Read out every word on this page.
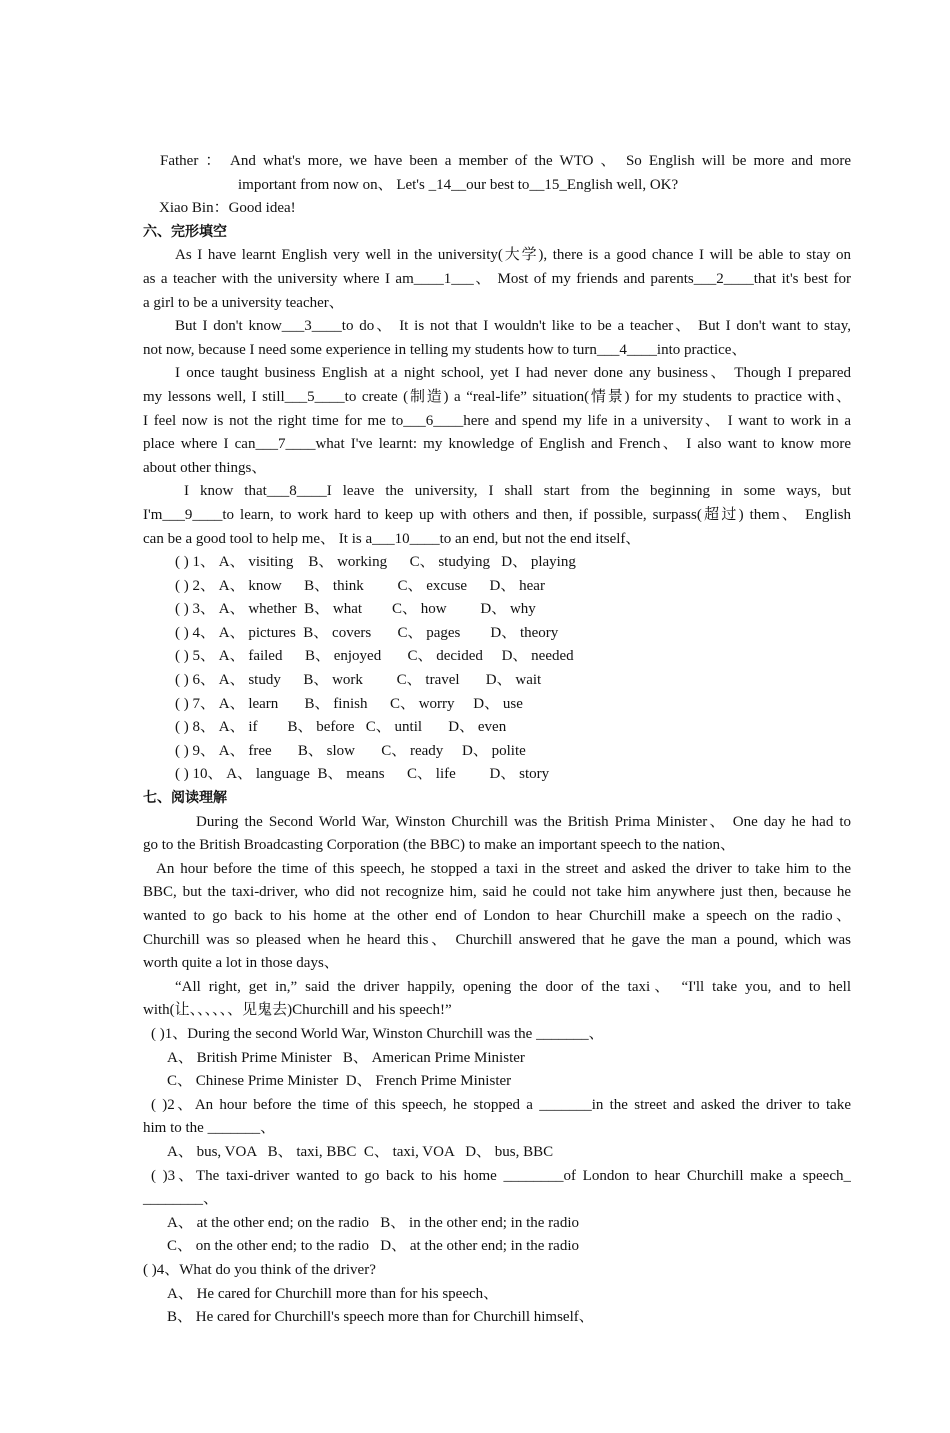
Father ： And what's more, we have been a member of the WTO 、 So English will be more and more
important from now on、 Let's _14__our best to__15_English well, OK?
Xiao Bin：Good idea!
六、完形填空
As I have learnt English very well in the university(大学), there is a good chance I will be able to stay on
as a teacher with the university where I am____1___、 Most of my friends and parents___2____that it's best for
a girl to be a university teacher、
But I don't know___3____to do、 It is not that I wouldn't like to be a teacher、 But I don't want to stay,
not now, because I need some experience in telling my students how to turn___4____into practice、
I once taught business English at a night school, yet I had never done any business、 Though I prepared
my lessons well, I still___5____to create (制造) a “real-life” situation(情景) for my students to practice with、
I feel now is not the right time for me to___6____here and spend my life in a university、 I want to work in a
place where I can___7____what I've learnt: my knowledge of English and French、 I also want to know more
about other things、
I know that___8____I leave the university, I shall start from the beginning in some ways, but
I'm___9____to learn, to work hard to keep up with others and then, if possible, surpass(超过) them、 English
can be a good tool to help me、 It is a___10____to an end, but not the end itself、
( ) 1、 A、 visiting    B、 working      C、 studying   D、 playing
( ) 2、 A、 know      B、 think         C、 excuse      D、 hear
( ) 3、 A、 whether  B、 what        C、 how         D、 why
( ) 4、 A、 pictures  B、 covers       C、 pages        D、 theory
( ) 5、 A、 failed      B、 enjoyed       C、 decided     D、 needed
( ) 6、 A、 study      B、 work         C、 travel       D、 wait
( ) 7、 A、 learn       B、 finish      C、 worry     D、 use
( ) 8、 A、 if        B、 before   C、 until       D、 even
( ) 9、 A、 free       B、 slow       C、 ready     D、 polite
( ) 10、 A、 language  B、 means      C、 life         D、 story
七、阅读理解
During the Second World War, Winston Churchill was the British Prima Minister、 One day he had to
go to the British Broadcasting Corporation (the BBC) to make an important speech to the nation、
An hour before the time of this speech, he stopped a taxi in the street and asked the driver to take him to the
BBC, but the taxi-driver, who did not recognize him, said he could not take him anywhere just then, because he
wanted to go back to his home at the other end of London to hear Churchill make a speech on the radio、
Churchill was so pleased when he heard this、 Churchill answered that he gave the man a pound, which was
worth quite a lot in those days、
“All right, get in,” said the driver happily, opening the door of the taxi、 “I'll take you, and to hell
with(让、、、、、、见鬼去)Churchill and his speech!”
( )1、During the second World War, Winston Churchill was the _______、
A、 British Prime Minister   B、 American Prime Minister
C、 Chinese Prime Minister  D、 French Prime Minister
( )2、An hour before the time of this speech, he stopped a _______in the street and asked the driver to take
him to the _______、
A、 bus, VOA   B、 taxi, BBC  C、 taxi, VOA   D、 bus, BBC
( )3、The taxi-driver wanted to go back to his home ________of London to hear Churchill make a speech_
________、
A、 at the other end; on the radio   B、 in the other end; in the radio
C、 on the other end; to the radio   D、 at the other end; in the radio
( )4、What do you think of the driver?
A、 He cared for Churchill more than for his speech、
B、 He cared for Churchill's speech more than for Churchill himself、
